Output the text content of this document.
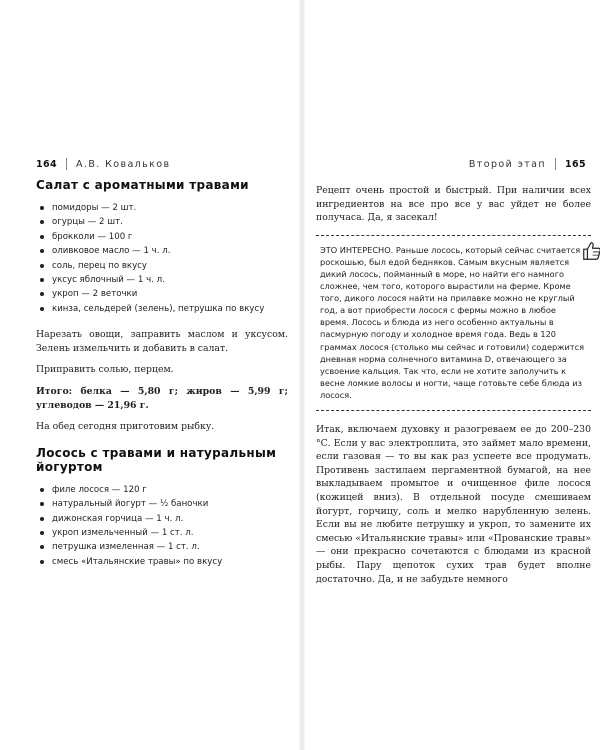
164 А.В. Ковальков
Салат с ароматными травами
помидоры — 2 шт.
огурцы — 2 шт.
брокколи — 100 г
оливковое масло — 1 ч. л.
соль, перец по вкусу
уксус яблочный — 1 ч. л.
укроп — 2 веточки
кинза, сельдерей (зелень), петрушка по вкусу

Нарезать овощи, заправить маслом и уксусом. Зелень измельчить и добавить в салат.

Приправить солью, перцем.

Итого: белка — 5,80 г; жиров — 5,99 г; углеводов — 21,96 г.

На обед сегодня приготовим рыбку.

Лосось с травами и натуральным йогуртом
филе лосося — 120 г
натуральный йогурт — ½ баночки
дижонская горчица — 1 ч. л.
укроп измельченный — 1 ст. л.
петрушка измеленная — 1 ст. л.
смесь «Итальянские травы» по вкусу
Второй этап 165

Рецепт очень простой и быстрый. При наличии всех ингредиентов на все про все у вас уйдет не более получаса. Да, я засекал!

ЭТО ИНТЕРЕСНО. Раньше лосось, который сейчас считается роскошью, был едой бедняков. Самым вкусным является дикий лосось, пойманный в море, но найти его намного сложнее, чем того, которого вырастили на ферме. Кроме того, дикого лосося найти на прилавке можно не круглый год, а вот приобрести лосося с фермы можно в любое время. Лосось и блюда из него особенно актуальны в пасмурную погоду и холодное время года. Ведь в 120 граммах лосося (столько мы сейчас и готовили) содержится дневная норма солнечного витамина D, отвечающего за усвоение кальция. Так что, если не хотите заполучить к весне ломкие волосы и ногти, чаще готовьте себе блюда из лосося.

Итак, включаем духовку и разогреваем ее до 200–230 °С. Если у вас электроплита, это займет мало времени, если газовая — то вы как раз успеете все продумать. Противень застилаем пергаментной бумагой, на нее выкладываем промытое и очищенное филе лосося (кожицей вниз). В отдельной посуде смешиваем йогурт, горчицу, соль и мелко нарубленную зелень. Если вы не любите петрушку и укроп, то замените их смесью «Итальянские травы» или «Прованские травы» — они прекрасно сочетаются с блюдами из красной рыбы. Пару щепоток сухих трав будет вполне достаточно. Да, и не забудьте немного
